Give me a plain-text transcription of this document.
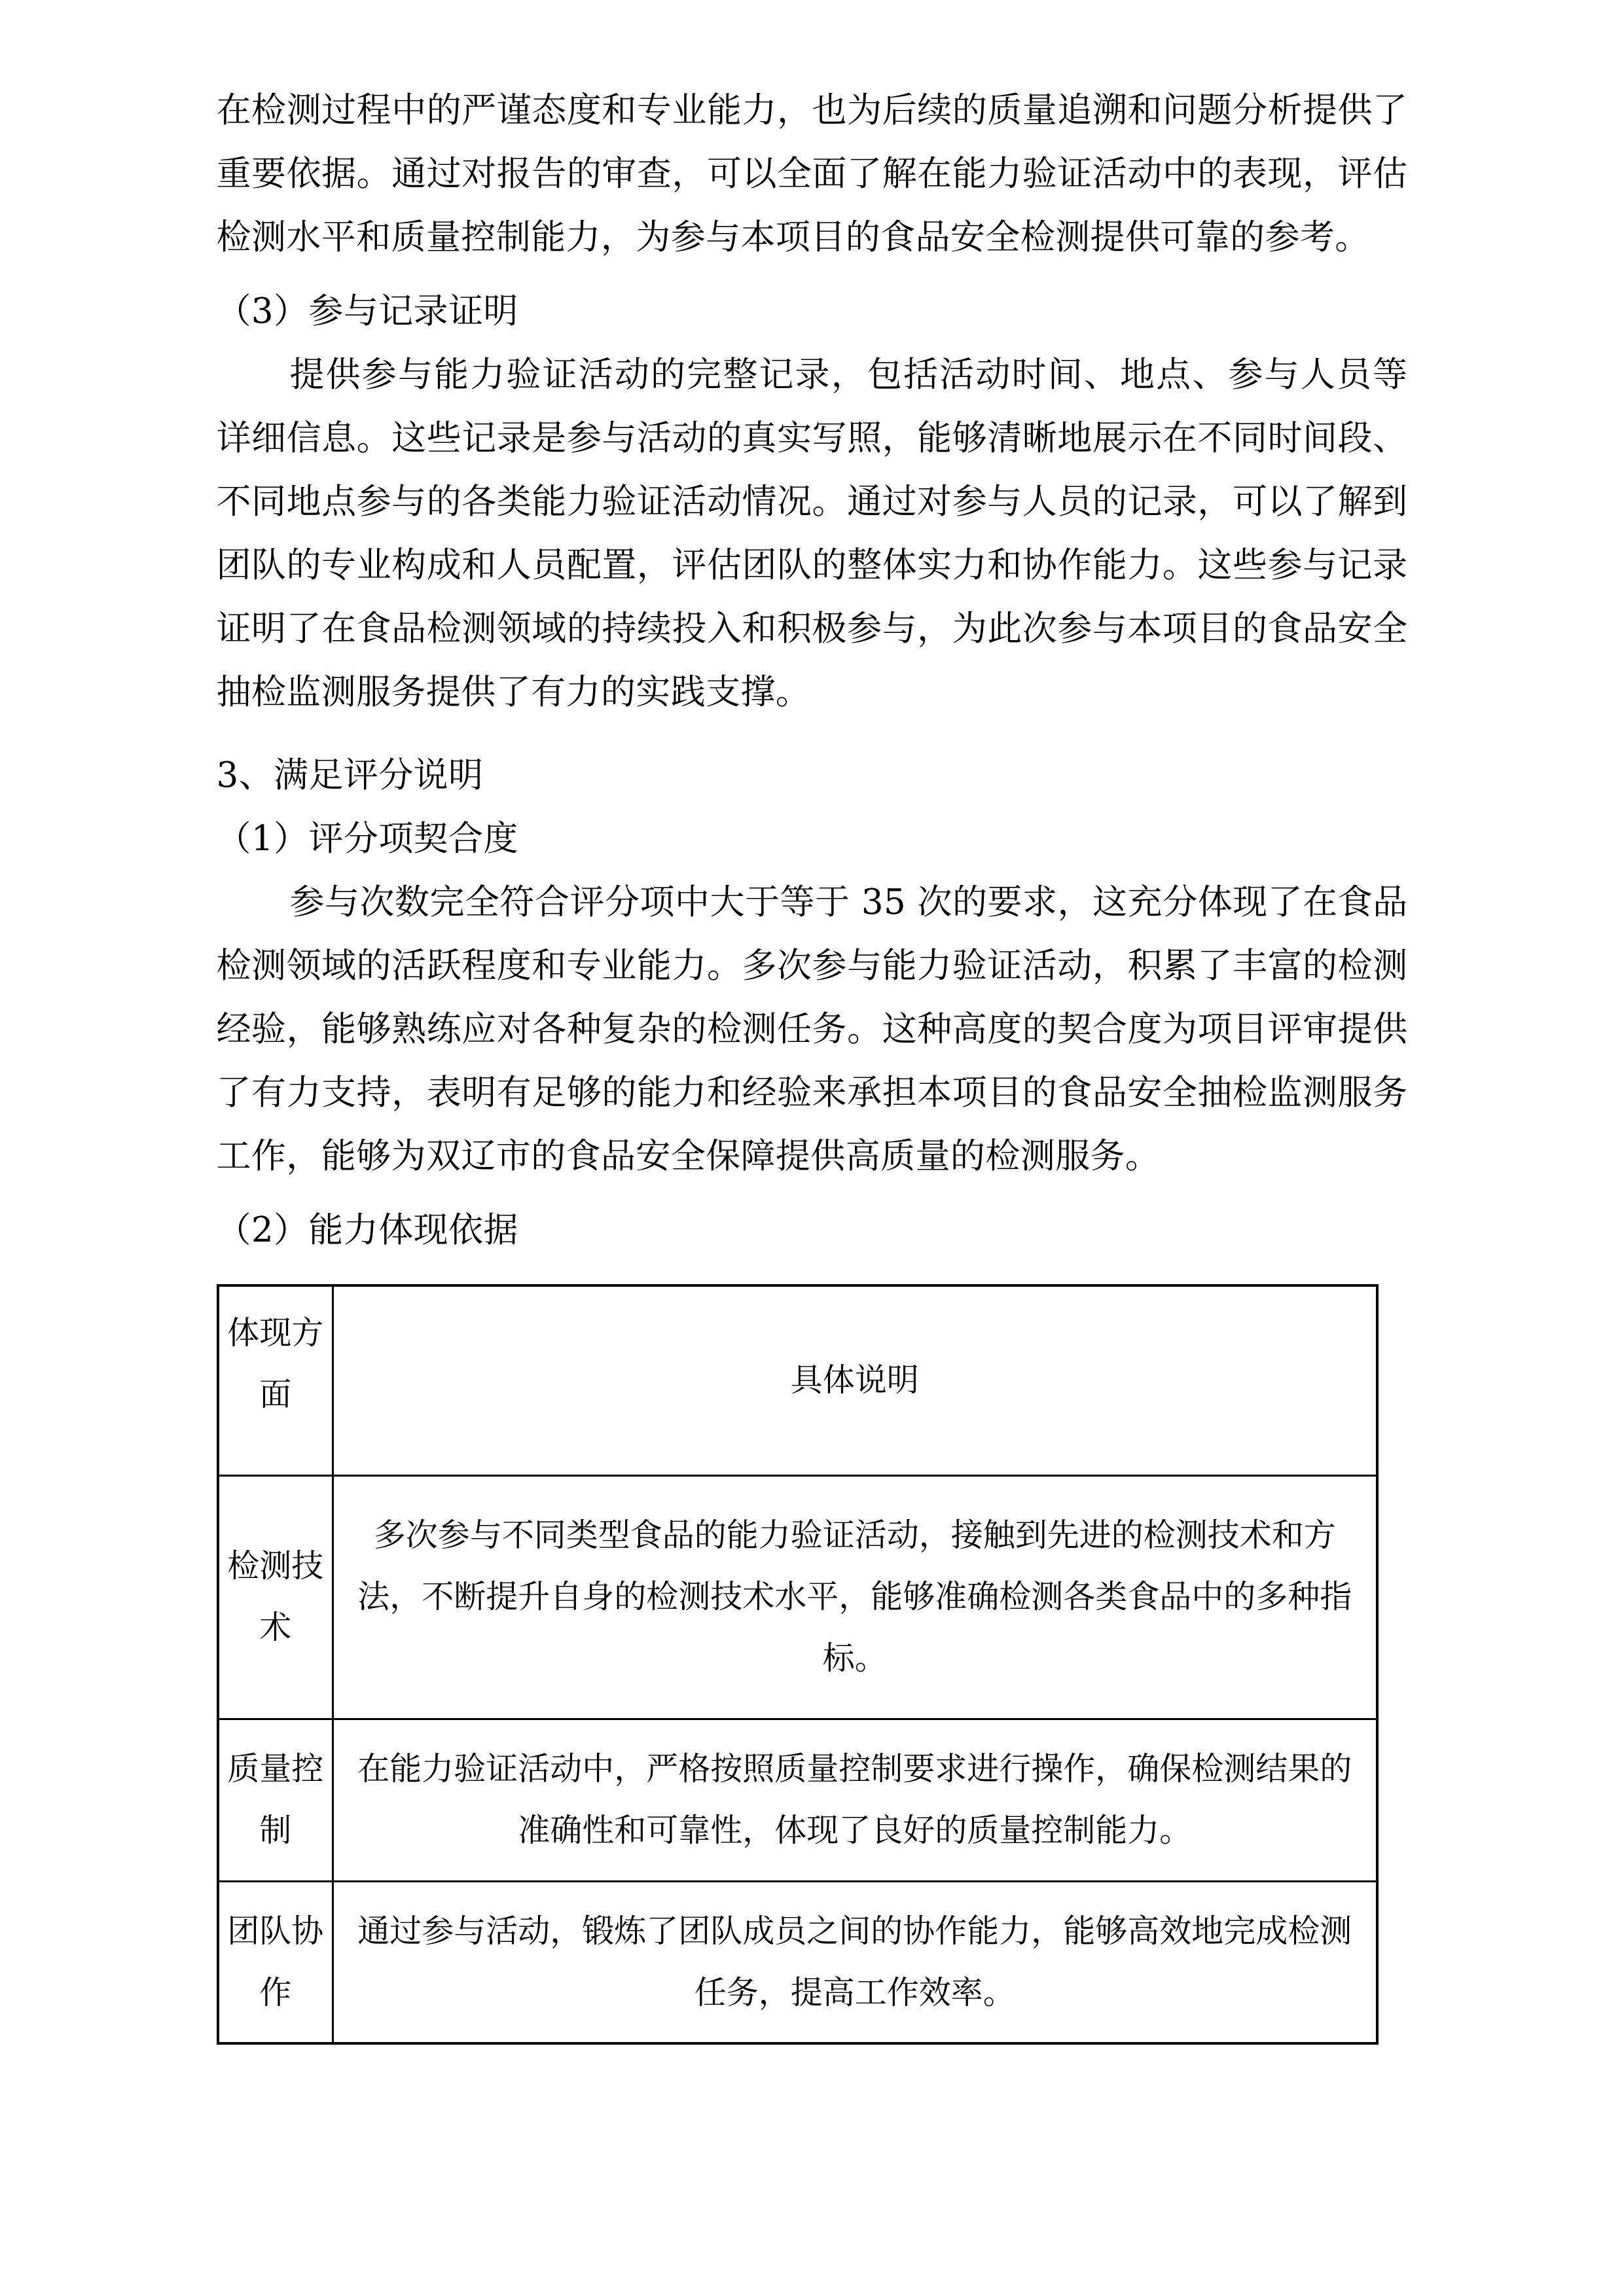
在检测过程中的严谨态度和专业能力，也为后续的质量追溯和问题分析提供了重要依据。通过对报告的审查，可以全面了解在能力验证活动中的表现，评估检测水平和质量控制能力，为参与本项目的食品安全检测提供可靠的参考。

（3）参与记录证明

提供参与能力验证活动的完整记录，包括活动时间、地点、参与人员等详细信息。这些记录是参与活动的真实写照，能够清晰地展示在不同时间段、不同地点参与的各类能力验证活动情况。通过对参与人员的记录，可以了解到团队的专业构成和人员配置，评估团队的整体实力和协作能力。这些参与记录证明了在食品检测领域的持续投入和积极参与，为此次参与本项目的食品安全抽检监测服务提供了有力的实践支撑。

3、满足评分说明
（1）评分项契合度

参与次数完全符合评分项中大于等于 35 次的要求，这充分体现了在食品检测领域的活跃程度和专业能力。多次参与能力验证活动，积累了丰富的检测经验，能够熟练应对各种复杂的检测任务。这种高度的契合度为项目评审提供了有力支持，表明有足够的能力和经验来承担本项目的食品安全抽检监测服务工作，能够为双辽市的食品安全保障提供高质量的检测服务。

（2）能力体现依据
体现方面	具体说明
检测技术	多次参与不同类型食品的能力验证活动，接触到先进的检测技术和方法，不断提升自身的检测技术水平，能够准确检测各类食品中的多种指标。
质量控制	在能力验证活动中，严格按照质量控制要求进行操作，确保检测结果的准确性和可靠性，体现了良好的质量控制能力。
团队协作	通过参与活动，锻炼了团队成员之间的协作能力，能够高效地完成检测任务，提高工作效率。
